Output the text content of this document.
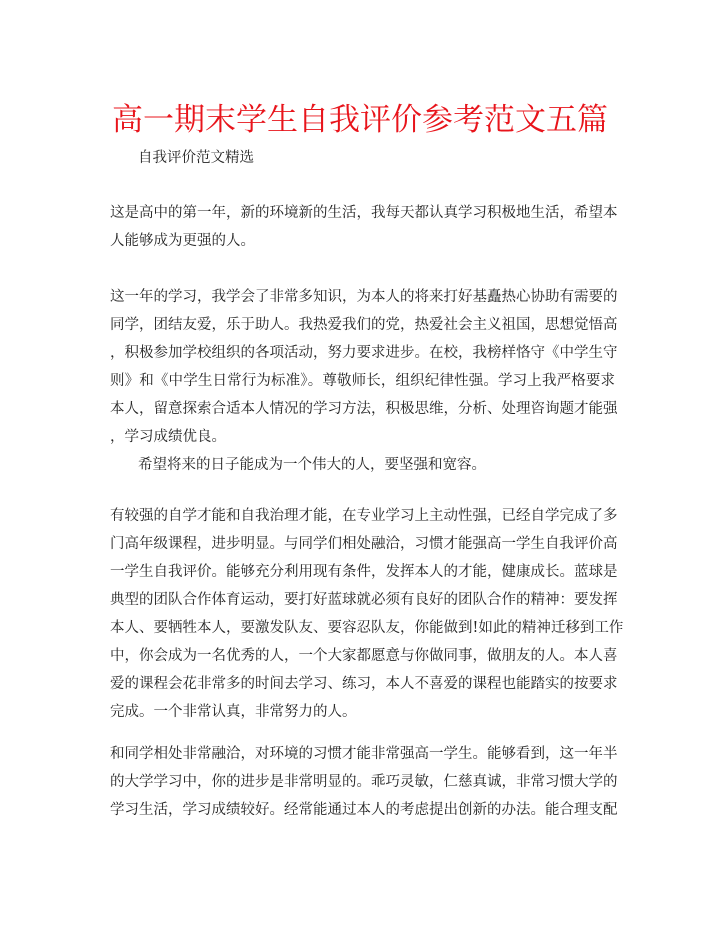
高一期末学生自我评价参考范文五篇
自我评价范文精选
这是高中的第一年，新的环境新的生活，我每天都认真学习积极地生活，希望本
人能够成为更强的人。
这一年的学习，我学会了非常多知识，为本人的将来打好基矗热心协助有需要的
同学，团结友爱，乐于助人。我热爱我们的党，热爱社会主义祖国，思想觉悟高
，积极参加学校组织的各项活动，努力要求进步。在校，我榜样恪守《中学生守
则》和《中学生日常行为标准》。尊敬师长，组织纪律性强。学习上我严格要求
本人，留意探索合适本人情况的学习方法，积极思维，分析、处理咨询题才能强
，学习成绩优良。
希望将来的日子能成为一个伟大的人，要坚强和宽容。
有较强的自学才能和自我治理才能，在专业学习上主动性强，已经自学完成了多
门高年级课程，进步明显。与同学们相处融洽，习惯才能强高一学生自我评价高
一学生自我评价。能够充分利用现有条件，发挥本人的才能，健康成长。蓝球是
典型的团队合作体育运动，要打好蓝球就必须有良好的团队合作的精神：要发挥
本人、要牺牲本人，要激发队友、要容忍队友，你能做到!如此的精神迁移到工作
中，你会成为一名优秀的人，一个大家都愿意与你做同事，做朋友的人。本人喜
爱的课程会花非常多的时间去学习、练习，本人不喜爱的课程也能踏实的按要求
完成。一个非常认真，非常努力的人。
和同学相处非常融洽，对环境的习惯才能非常强高一学生。能够看到，这一年半
的大学学习中，你的进步是非常明显的。乖巧灵敏，仁慈真诚，非常习惯大学的
学习生活，学习成绩较好。经常能通过本人的考虑提出创新的办法。能合理支配
